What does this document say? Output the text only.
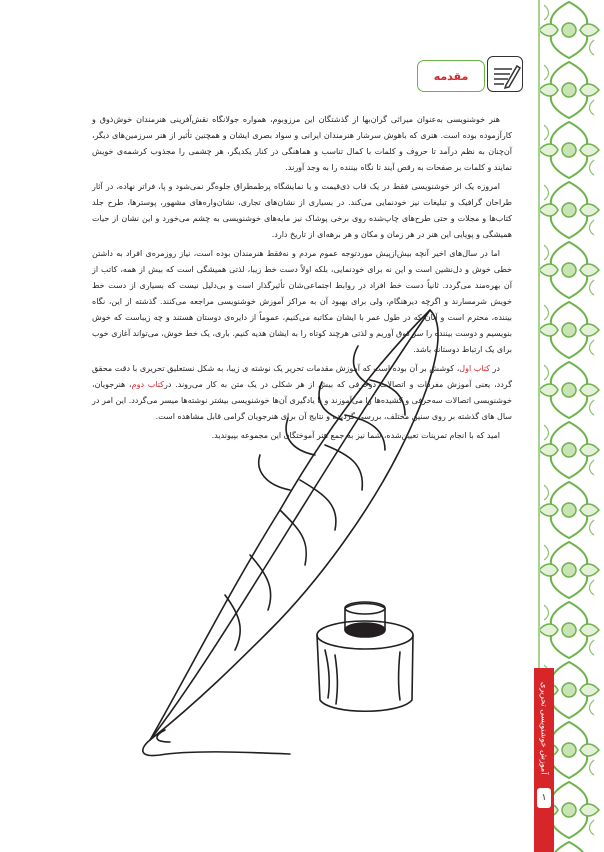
مقدمه

هنر خوشنویسی به‌عنوان میراثی گران‌بها از گذشتگان این مرزوبوم، همواره جولانگاه نقش‌آفرینی هنرمندان خوش‌ذوق و کارآزموده بوده است. هنری که باهوش سرشار هنرمندان ایرانی و سواد بصری ایشان و همچنین تأثیر از هنر سرزمین‌های دیگر، آن‌چنان به نظم درآمد تا حروف و کلمات با کمال تناسب و هماهنگی در کنار یکدیگر، هر چشمی را مجذوب کرشمه‌ی خویش نمایند و کلمات بر صفحات به رقص آیند تا نگاه بیننده را به وجد آورند.

امروزه یک اثر خوشنویسی فقط در یک قاب ذی‌قیمت و یا نمایشگاه پرطمطراق جلوه‌گر نمی‌شود و پا، فراتر نهاده، در آثار طراحان گرافیک و تبلیغات نیز خودنمایی می‌کند. در بسیاری از نشان‌های تجاری، نشان‌واره‌های مشهور، پوسترها، طرح جلد کتاب‌ها و مجلات و حتی طرح‌های چاپ‌شده روی برخی پوشاک نیز مایه‌های خوشنویسی به چشم می‌خورد و این نشان از حیات همیشگی و پویایی این هنر در هر زمان و مکان و هر برهه‌ای از تاریخ دارد.

اما در سال‌های اخیر آنچه بیش‌ازپیش موردتوجه عموم مردم و نه‌فقط هنرمندان بوده است، نیاز روزمره‌ی افراد به داشتن خطی خوش و دل‌نشین است و این نه برای خودنمایی، بلکه اولاً دست خط زیبا، لذتی همیشگی است که بیش از همه، کاتب از آن بهره‌مند می‌گردد. ثانیاً دست خط افراد در روابط اجتماعی‌شان تأثیرگذار است و بی‌دلیل نیست که بسیاری از دست خط خویش شرمسارند و اگرچه دیرهنگام، ولی برای بهبود آن به مراکز آموزش خوشنویسی مراجعه می‌کنند. گذشته از این، نگاه بیننده، محترم است و آنان که در طول عمر با ایشان مکاتبه می‌کنیم، عموماً از دایره‌ی دوستان هستند و چه زیباست که خوش بنویسیم و دوست بیننده را سر ذوق آوریم و لذتی هرچند کوتاه را به ایشان هدیه کنیم. باری، یک خط خوش، می‌تواند آغازی خوب برای یک ارتباط دوستانه باشد.

در کتاب اول، کوشش بر آن بوده است که آموزش مقدمات تحریر یک نوشته ی زیبا، به شکل نستعلیق تحریری با دقت محقق گردد، یعنی آموزش مفردات و اتصالات دوحرفی که بیش از هر شکلی در یک متن به کار می‌روند. درکتاب دوم، هنرجویان، خوشنویسی اتصالات سه‌حرفی و کشیده‌ها را می‌آموزند و با یادگیری آن‌ها خوشنویسی بیشتر نوشته‌ها میسر می‌گردد. این امر در سال های گذشته بر روی سنین مختلف، بررسی گردیده و نتایج آن برای هنرجویان گرامی قابل مشاهده است.

امید که با انجام تمرینات تعیین‌شده، شما نیز به جمع هنر آموختگان این مجموعه بپیوندید.

آموزش خوشنویسی تحریری
۱
